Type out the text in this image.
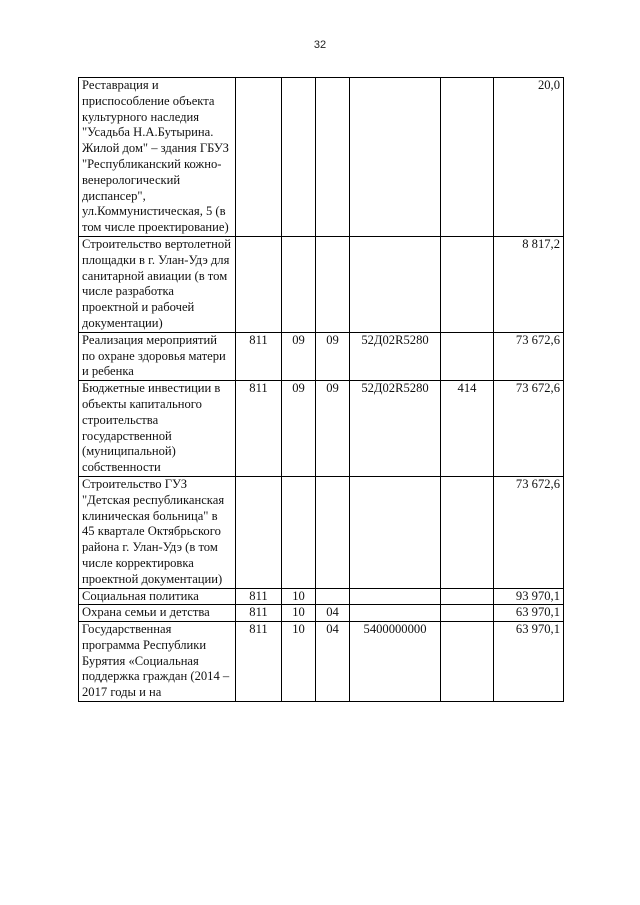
32
Реставрация и приспособление объекта культурного наследия "Усадьба Н.А.Бутырина. Жилой дом" – здания ГБУЗ "Республиканский кожно-венерологический диспансер", ул.Коммунистическая, 5 (в том числе проектирование)						20,0
Строительство вертолетной площадки в г. Улан-Удэ для санитарной авиации (в том числе разработка проектной и рабочей документации)						8 817,2
Реализация мероприятий по охране здоровья матери и ребенка	811	09	09	52Д02R5280		73 672,6
Бюджетные инвестиции в объекты капитального строительства государственной (муниципальной) собственности	811	09	09	52Д02R5280	414	73 672,6
Строительство ГУЗ "Детская республиканская клиническая больница" в 45 квартале Октябрьского района г. Улан-Удэ (в том числе корректировка проектной документации)						73 672,6
Социальная политика	811	10				93 970,1
Охрана семьи и детства	811	10	04			63 970,1
Государственная программа Республики Бурятия «Социальная поддержка граждан (2014 – 2017 годы и на	811	10	04	5400000000		63 970,1
